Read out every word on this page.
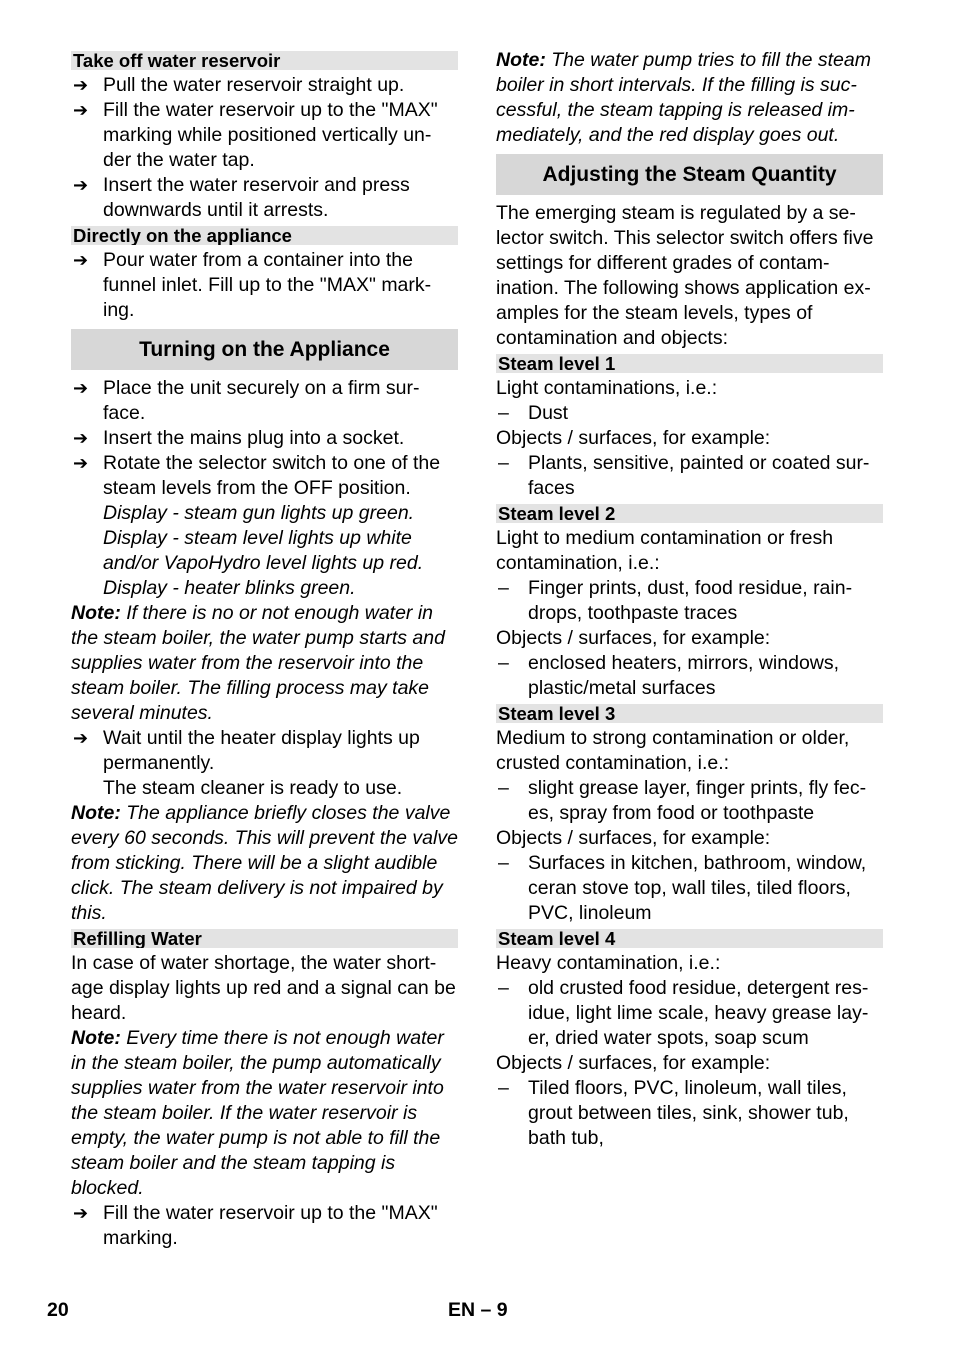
Take off water reservoir
➔ Pull the water reservoir straight up.
➔ Fill the water reservoir up to the "MAX" marking while positioned vertically un-der the water tap.
➔ Insert the water reservoir and press downwards until it arrests.
Directly on the appliance
➔ Pour water from a container into the funnel inlet. Fill up to the "MAX" mark-ing.
Turning on the Appliance
➔ Place the unit securely on a firm sur-face.
➔ Insert the mains plug into a socket.
➔ Rotate the selector switch to one of the steam levels from the OFF position.
Display - steam gun lights up green.
Display - steam level lights up white and/or VapoHydro level lights up red.
Display - heater blinks green.
Note: If there is no or not enough water in the steam boiler, the water pump starts and supplies water from the reservoir into the steam boiler. The filling process may take several minutes.
➔ Wait until the heater display lights up permanently.
The steam cleaner is ready to use.
Note: The appliance briefly closes the valve every 60 seconds. This will prevent the valve from sticking. There will be a slight audible click. The steam delivery is not impaired by this.
Refilling Water
In case of water shortage, the water short-age display lights up red and a signal can be heard.
Note: Every time there is not enough water in the steam boiler, the pump automatically supplies water from the water reservoir into the steam boiler. If the water reservoir is empty, the water pump is not able to fill the steam boiler and the steam tapping is blocked.
➔ Fill the water reservoir up to the "MAX" marking.
Note: The water pump tries to fill the steam boiler in short intervals. If the filling is suc-cessful, the steam tapping is released im-mediately, and the red display goes out.
Adjusting the Steam Quantity
The emerging steam is regulated by a se-lector switch. This selector switch offers five settings for different grades of contam-ination. The following shows application ex-amples for the steam levels, types of contamination and objects:
Steam level 1
Light contaminations, i.e.:
– Dust
Objects / surfaces, for example:
– Plants, sensitive, painted or coated sur-faces
Steam level 2
Light to medium contamination or fresh contamination, i.e.:
– Finger prints, dust, food residue, rain-drops, toothpaste traces
Objects / surfaces, for example:
– enclosed heaters, mirrors, windows, plastic/metal surfaces
Steam level 3
Medium to strong contamination or older, crusted contamination, i.e.:
– slight grease layer, finger prints, fly fec-es, spray from food or toothpaste
Objects / surfaces, for example:
– Surfaces in kitchen, bathroom, window, ceran stove top, wall tiles, tiled floors, PVC, linoleum
Steam level 4
Heavy contamination, i.e.:
– old crusted food residue, detergent res-idue, light lime scale, heavy grease lay-er, dried water spots, soap scum
Objects / surfaces, for example:
– Tiled floors, PVC, linoleum, wall tiles, grout between tiles, sink, shower tub, bath tub,
20	EN – 9
